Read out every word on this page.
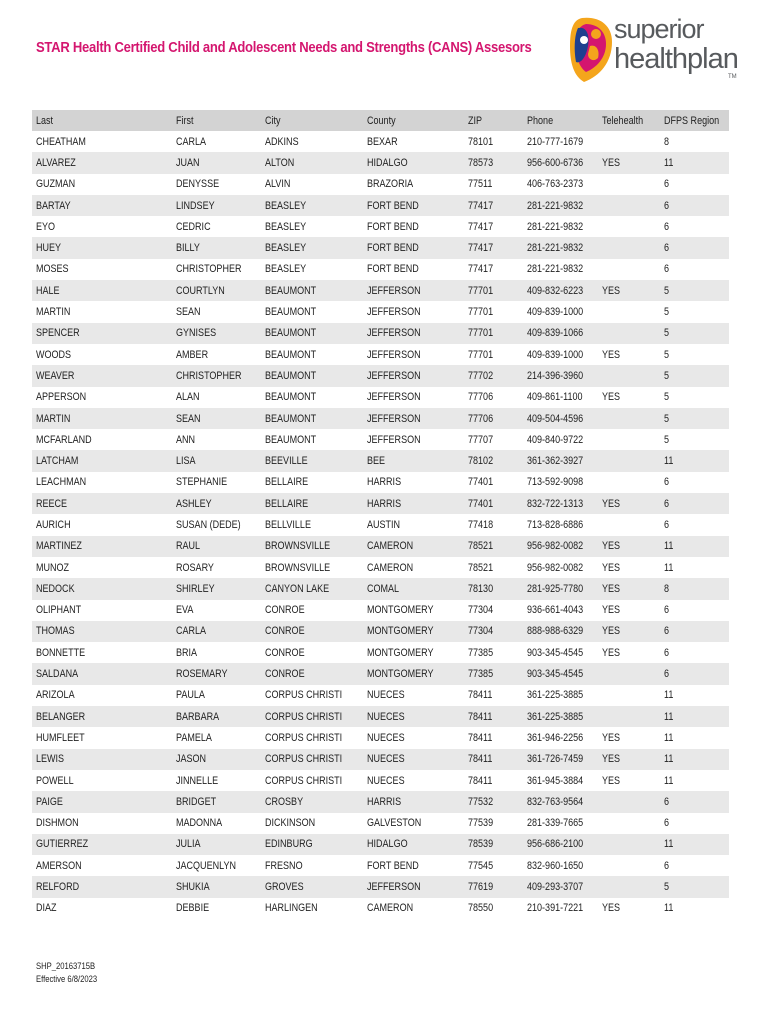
STAR Health Certified Child and Adolescent Needs and Strengths (CANS) Assesors
superior
healthplan
TM
Last	First	City	County	ZIP	Phone	Telehealth	DFPS Region
CHEATHAM	CARLA	ADKINS	BEXAR	78101	210-777-1679		8
ALVAREZ	JUAN	ALTON	HIDALGO	78573	956-600-6736	YES	11
GUZMAN	DENYSSE	ALVIN	BRAZORIA	77511	406-763-2373		6
BARTAY	LINDSEY	BEASLEY	FORT BEND	77417	281-221-9832		6
EYO	CEDRIC	BEASLEY	FORT BEND	77417	281-221-9832		6
HUEY	BILLY	BEASLEY	FORT BEND	77417	281-221-9832		6
MOSES	CHRISTOPHER	BEASLEY	FORT BEND	77417	281-221-9832		6
HALE	COURTLYN	BEAUMONT	JEFFERSON	77701	409-832-6223	YES	5
MARTIN	SEAN	BEAUMONT	JEFFERSON	77701	409-839-1000		5
SPENCER	GYNISES	BEAUMONT	JEFFERSON	77701	409-839-1066		5
WOODS	AMBER	BEAUMONT	JEFFERSON	77701	409-839-1000	YES	5
WEAVER	CHRISTOPHER	BEAUMONT	JEFFERSON	77702	214-396-3960		5
APPERSON	ALAN	BEAUMONT	JEFFERSON	77706	409-861-1100	YES	5
MARTIN	SEAN	BEAUMONT	JEFFERSON	77706	409-504-4596		5
MCFARLAND	ANN	BEAUMONT	JEFFERSON	77707	409-840-9722		5
LATCHAM	LISA	BEEVILLE	BEE	78102	361-362-3927		11
LEACHMAN	STEPHANIE	BELLAIRE	HARRIS	77401	713-592-9098		6
REECE	ASHLEY	BELLAIRE	HARRIS	77401	832-722-1313	YES	6
AURICH	SUSAN (DEDE)	BELLVILLE	AUSTIN	77418	713-828-6886		6
MARTINEZ	RAUL	BROWNSVILLE	CAMERON	78521	956-982-0082	YES	11
MUNOZ	ROSARY	BROWNSVILLE	CAMERON	78521	956-982-0082	YES	11
NEDOCK	SHIRLEY	CANYON LAKE	COMAL	78130	281-925-7780	YES	8
OLIPHANT	EVA	CONROE	MONTGOMERY	77304	936-661-4043	YES	6
THOMAS	CARLA	CONROE	MONTGOMERY	77304	888-988-6329	YES	6
BONNETTE	BRIA	CONROE	MONTGOMERY	77385	903-345-4545	YES	6
SALDANA	ROSEMARY	CONROE	MONTGOMERY	77385	903-345-4545		6
ARIZOLA	PAULA	CORPUS CHRISTI	NUECES	78411	361-225-3885		11
BELANGER	BARBARA	CORPUS CHRISTI	NUECES	78411	361-225-3885		11
HUMFLEET	PAMELA	CORPUS CHRISTI	NUECES	78411	361-946-2256	YES	11
LEWIS	JASON	CORPUS CHRISTI	NUECES	78411	361-726-7459	YES	11
POWELL	JINNELLE	CORPUS CHRISTI	NUECES	78411	361-945-3884	YES	11
PAIGE	BRIDGET	CROSBY	HARRIS	77532	832-763-9564		6
DISHMON	MADONNA	DICKINSON	GALVESTON	77539	281-339-7665		6
GUTIERREZ	JULIA	EDINBURG	HIDALGO	78539	956-686-2100		11
AMERSON	JACQUENLYN	FRESNO	FORT BEND	77545	832-960-1650		6
RELFORD	SHUKIA	GROVES	JEFFERSON	77619	409-293-3707		5
DIAZ	DEBBIE	HARLINGEN	CAMERON	78550	210-391-7221	YES	11
SHP_20163715B
Effective 6/8/2023
